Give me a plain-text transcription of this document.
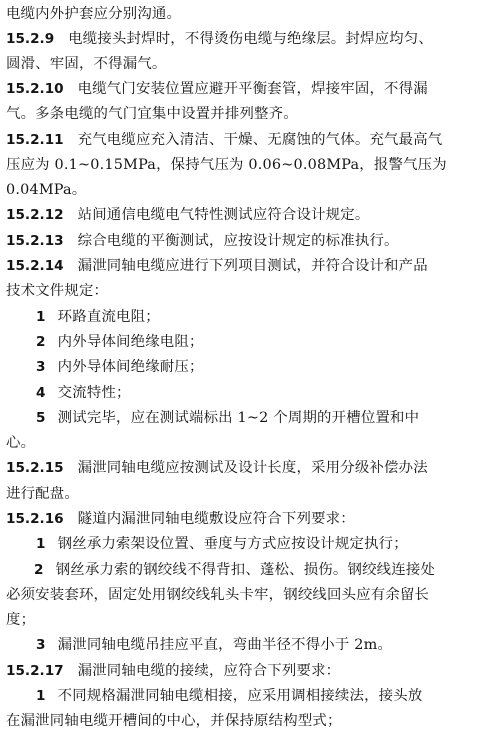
电缆内外护套应分别沟通。
15.2.9 电缆接头封焊时，不得烫伤电缆与绝缘层。封焊应均匀、
圆滑、牢固，不得漏气。
15.2.10 电缆气门安装位置应避开平衡套管，焊接牢固，不得漏
气。多条电缆的气门宜集中设置并排列整齐。
15.2.11 充气电缆应充入清洁、干燥、无腐蚀的气体。充气最高气
压应为 0.1~0.15MPa，保持气压为 0.06~0.08MPa，报警气压为
0.04MPa。
15.2.12 站间通信电缆电气特性测试应符合设计规定。
15.2.13 综合电缆的平衡测试，应按设计规定的标准执行。
15.2.14 漏泄同轴电缆应进行下列项目测试，并符合设计和产品
技术文件规定：
1 环路直流电阻；
2 内外导体间绝缘电阻；
3 内外导体间绝缘耐压；
4 交流特性；
5 测试完毕，应在测试端标出 1~2 个周期的开槽位置和中
心。
15.2.15 漏泄同轴电缆应按测试及设计长度，采用分级补偿办法
进行配盘。
15.2.16 隧道内漏泄同轴电缆敷设应符合下列要求：
1 钢丝承力索架设位置、垂度与方式应按设计规定执行；
2 钢丝承力索的钢绞线不得背扣、蓬松、损伤。钢绞线连接处
必须安装套环，固定处用钢绞线轧头卡牢，钢绞线回头应有余留长
度；
3 漏泄同轴电缆吊挂应平直，弯曲半径不得小于 2m。
15.2.17 漏泄同轴电缆的接续，应符合下列要求：
1 不同规格漏泄同轴电缆相接，应采用调相接续法，接头放
在漏泄同轴电缆开槽间的中心，并保持原结构型式；
